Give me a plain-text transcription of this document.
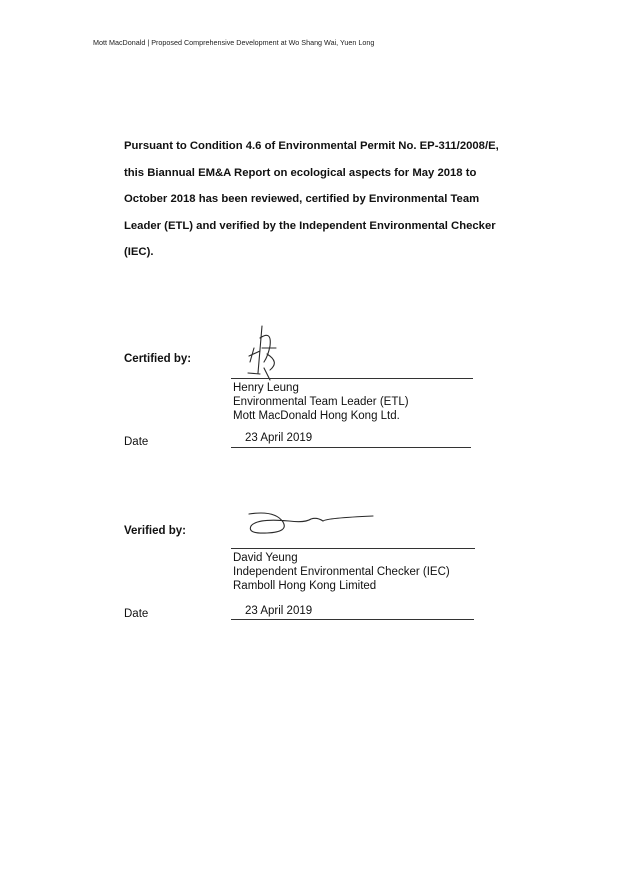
Mott MacDonald | Proposed Comprehensive Development at Wo Shang Wai, Yuen Long
Pursuant to Condition 4.6 of Environmental Permit No. EP-311/2008/E,
this Biannual EM&A Report on ecological aspects for May 2018 to
October 2018 has been reviewed, certified by Environmental Team
Leader (ETL) and verified by the Independent Environmental Checker
(IEC).
Certified by:
Henry Leung
Environmental Team Leader (ETL)
Mott MacDonald Hong Kong Ltd.
Date	23 April 2019
Verified by:
David Yeung
Independent Environmental Checker (IEC)
Ramboll Hong Kong Limited
Date	23 April 2019
